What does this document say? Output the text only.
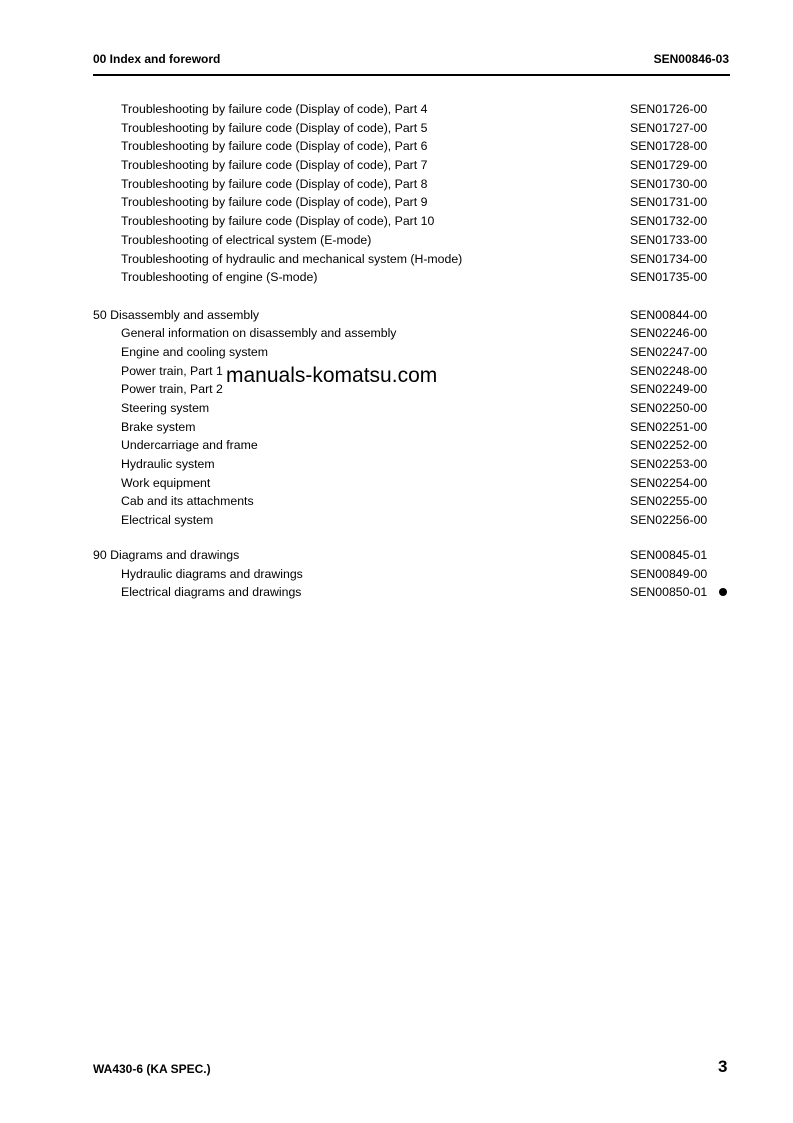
00 Index and foreword	SEN00846-03
Troubleshooting by failure code (Display of code), Part 4	SEN01726-00
Troubleshooting by failure code (Display of code), Part 5	SEN01727-00
Troubleshooting by failure code (Display of code), Part 6	SEN01728-00
Troubleshooting by failure code (Display of code), Part 7	SEN01729-00
Troubleshooting by failure code (Display of code), Part 8	SEN01730-00
Troubleshooting by failure code (Display of code), Part 9	SEN01731-00
Troubleshooting by failure code (Display of code), Part 10	SEN01732-00
Troubleshooting of electrical system (E-mode)	SEN01733-00
Troubleshooting of hydraulic and mechanical system (H-mode)	SEN01734-00
Troubleshooting of engine (S-mode)	SEN01735-00
50 Disassembly and assembly	SEN00844-00
General information on disassembly and assembly	SEN02246-00
Engine and cooling system	SEN02247-00
Power train, Part 1	SEN02248-00
Power train, Part 2	SEN02249-00
Steering system	SEN02250-00
Brake system	SEN02251-00
Undercarriage and frame	SEN02252-00
Hydraulic system	SEN02253-00
Work equipment	SEN02254-00
Cab and its attachments	SEN02255-00
Electrical system	SEN02256-00
90 Diagrams and drawings	SEN00845-01
Hydraulic diagrams and drawings	SEN00849-00
Electrical diagrams and drawings	SEN00850-01
manuals-komatsu.com
WA430-6 (KA SPEC.)	3
